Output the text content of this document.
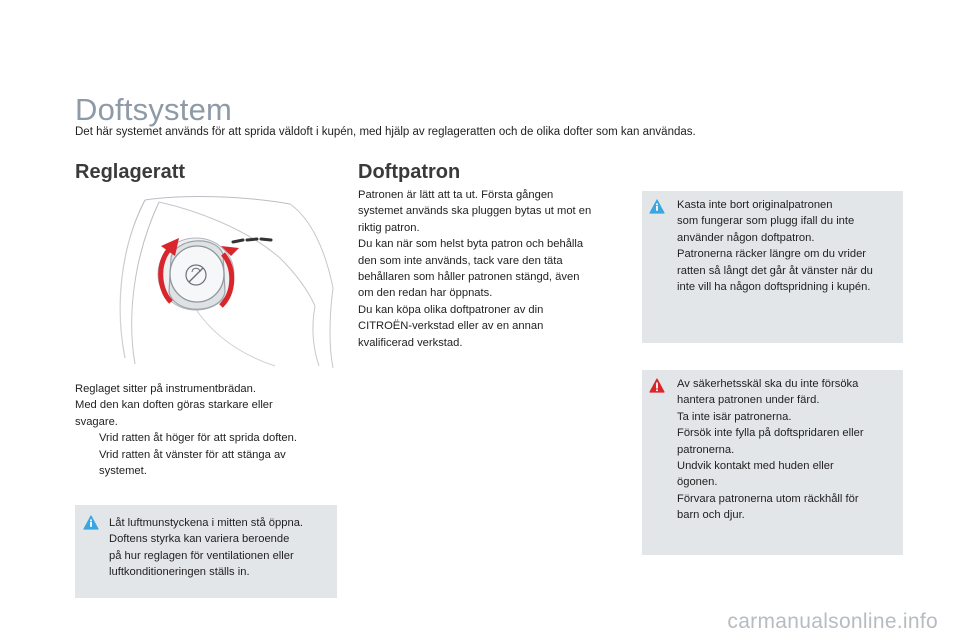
Doftsystem
Det här systemet används för att sprida väldoft i kupén, med hjälp av reglageratten och de olika dofter som kan användas.
Reglageratt

Reglaget sitter på instrumentbrädan.

Med den kan doften göras starkare eller

svagare.

Vrid ratten åt höger för att sprida doften.

Vrid ratten åt vänster för att stänga av

systemet.

Låt luftmunstyckena i mitten stå öppna.

Doftens styrka kan variera beroende

på hur reglagen för ventilationen eller

luftkonditioneringen ställs in.

Doftpatron

Patronen är lätt att ta ut. Första gången

systemet används ska pluggen bytas ut mot en

riktig patron.

Du kan när som helst byta patron och behålla

den som inte används, tack vare den täta

behållaren som håller patronen stängd, även

om den redan har öppnats.

Du kan köpa olika doftpatroner av din

CITROËN-verkstad eller av en annan

kvalificerad verkstad.

Kasta inte bort originalpatronen

som fungerar som plugg ifall du inte

använder någon doftpatron.

Patronerna räcker längre om du vrider

ratten så långt det går åt vänster när du

inte vill ha någon doftspridning i kupén.

Av säkerhetsskäl ska du inte försöka

hantera patronen under färd.

Ta inte isär patronerna.

Försök inte fylla på doftspridaren eller

patronerna.

Undvik kontakt med huden eller

ögonen.

Förvara patronerna utom räckhåll för

barn och djur.

carmanualsonline.info
